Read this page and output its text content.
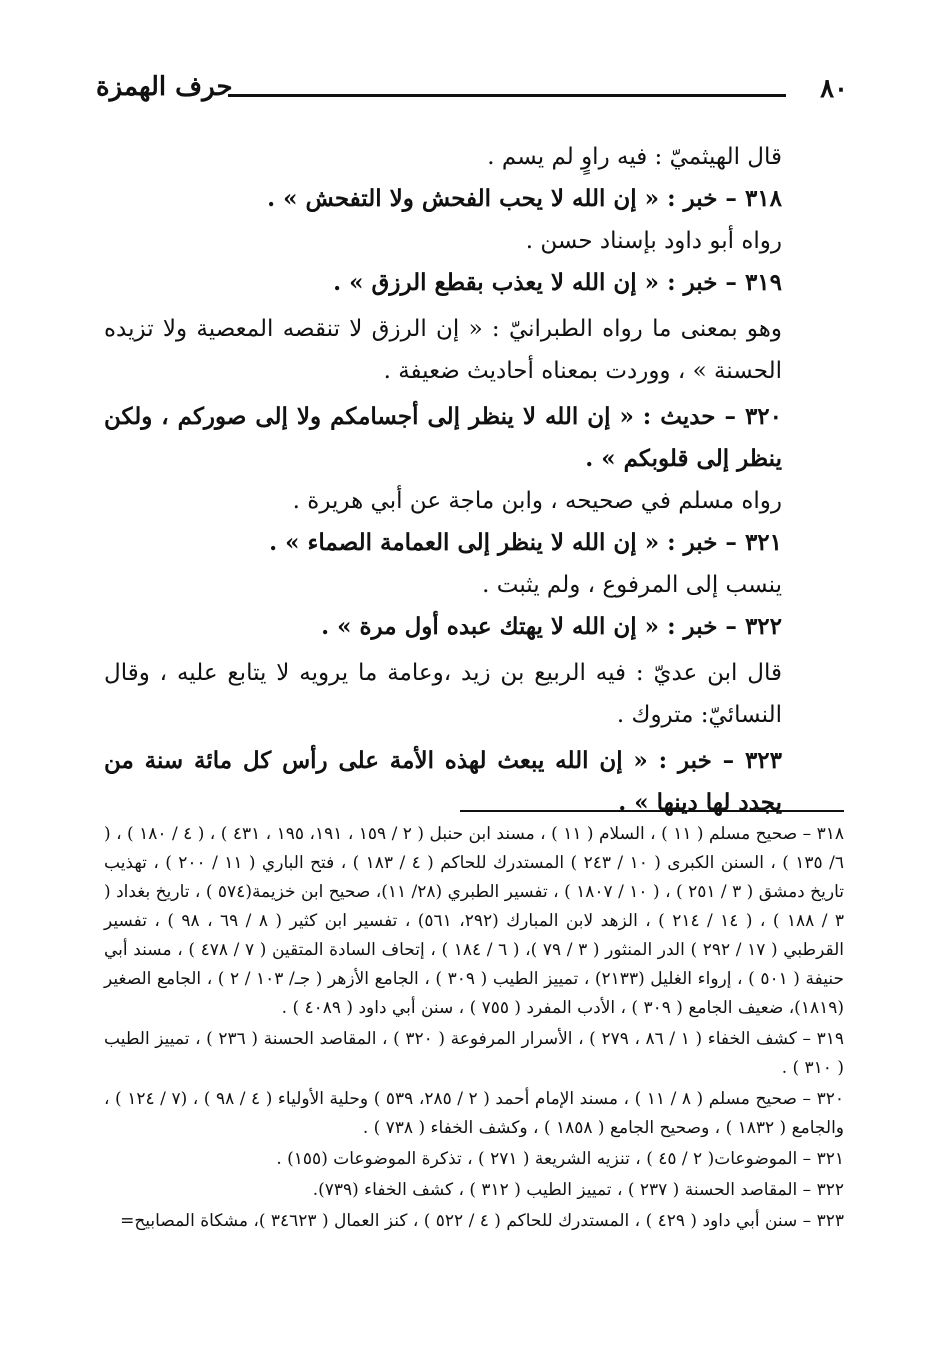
٨٠
حرف الهمزة

قال الهيثميّ : فيه راوٍ لم يسم .

٣١٨ – خبر : « إن الله لا يحب الفحش ولا التفحش » .

رواه أبو داود بإسناد حسن .

٣١٩ – خبر : « إن الله لا يعذب بقطع الرزق » .

وهو بمعنى ما رواه الطبرانيّ : « إن الرزق لا تنقصه المعصية ولا تزيده الحسنة » ، ووردت بمعناه أحاديث ضعيفة .

٣٢٠ – حديث : « إن الله لا ينظر إلى أجسامكم ولا إلى صوركم ، ولكن ينظر إلى قلوبكم » .

رواه مسلم في صحيحه ، وابن ماجة عن أبي هريرة .

٣٢١ – خبر : « إن الله لا ينظر إلى العمامة الصماء » .

ينسب إلى المرفوع ، ولم يثبت .

٣٢٢ – خبر : « إن الله لا يهتك عبده أول مرة » .

قال ابن عديّ : فيه الربيع بن زيد ،وعامة ما يرويه لا يتابع عليه ، وقال النسائيّ: متروك .

٣٢٣ – خبر : « إن الله يبعث لهذه الأمة على رأس كل مائة سنة من يجدد لها دينها » .

٣١٨ – صحيح مسلم ( ١١ ) ، السلام ( ١١ ) ، مسند ابن حنبل ( ٢ / ١٥٩ ، ١٩١، ١٩٥ ، ٤٣١ ) ، ( ٤ / ١٨٠ ) ، ( ٦/ ١٣٥ ) ، السنن الكبرى ( ١٠ / ٢٤٣ ) المستدرك للحاكم ( ٤ / ١٨٣ ) ، فتح الباري ( ١١ / ٢٠٠ ) ، تهذيب تاريخ دمشق ( ٣ / ٢٥١ ) ، ( ١٠ / ١٨٠٧ ) ، تفسير الطبري (٢٨/ ١١)، صحيح ابن خزيمة(٥٧٤ ) ، تاريخ بغداد ( ٣ / ١٨٨ ) ، ( ١٤ / ٢١٤ ) ، الزهد لابن المبارك (٢٩٢، ٥٦١) ، تفسير ابن كثير ( ٨ / ٦٩ ، ٩٨ ) ، تفسير القرطبي ( ١٧ / ٢٩٢ ) الدر المنثور ( ٣ / ٧٩ )، ( ٦ / ١٨٤ ) ، إتحاف السادة المتقين ( ٧ / ٤٧٨ ) ، مسند أبي حنيفة ( ٥٠١ ) ، إرواء الغليل (٢١٣٣) ، تمييز الطيب ( ٣٠٩ ) ، الجامع الأزهر ( جـ/ ١٠٣ / ٢ ) ، الجامع الصغير (١٨١٩)، ضعيف الجامع ( ٣٠٩ ) ، الأدب المفرد ( ٧٥٥ ) ، سنن أبي داود ( ٤٠٨٩ ) .

٣١٩ – كشف الخفاء ( ١ / ٨٦ ، ٢٧٩ ) ، الأسرار المرفوعة ( ٣٢٠ ) ، المقاصد الحسنة ( ٢٣٦ ) ، تمييز الطيب ( ٣١٠ ) .

٣٢٠ – صحيح مسلم ( ٨ / ١١ ) ، مسند الإمام أحمد ( ٢ / ٢٨٥، ٥٣٩ ) وحلية الأولياء ( ٤ / ٩٨ ) ، (٧ / ١٢٤ ) ، والجامع ( ١٨٣٢ ) ، وصحيح الجامع ( ١٨٥٨ ) ، وكشف الخفاء ( ٧٣٨ ) .

٣٢١ – الموضوعات( ٢ / ٤٥ ) ، تنزيه الشريعة ( ٢٧١ ) ، تذكرة الموضوعات (١٥٥) .

٣٢٢ – المقاصد الحسنة ( ٢٣٧ ) ، تمييز الطيب ( ٣١٢ ) ، كشف الخفاء (٧٣٩).

٣٢٣ – سنن أبي داود ( ٤٢٩ ) ، المستدرك للحاكم ( ٤ / ٥٢٢ ) ، كنز العمال ( ٣٤٦٢٣ )، مشكاة المصابيح=
